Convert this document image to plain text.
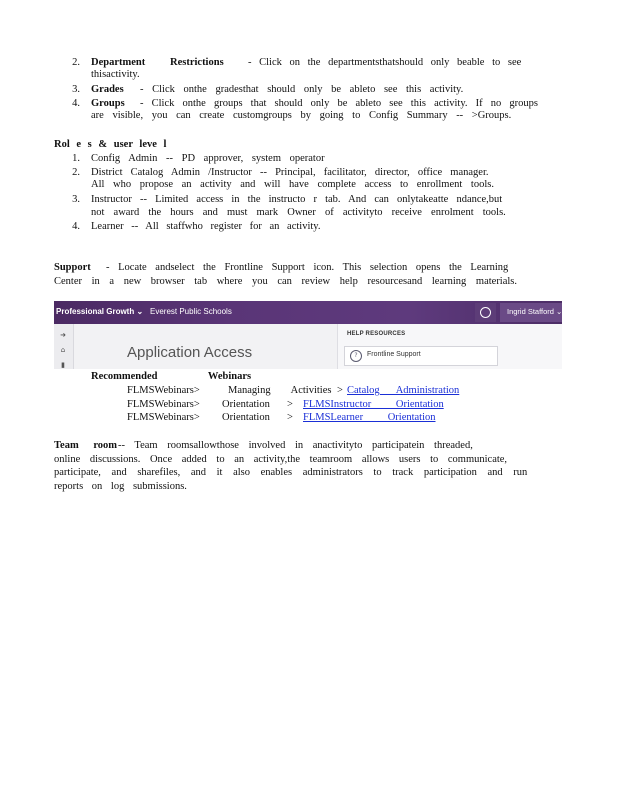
2. Department Restrictions - Click on the departmentsthatshould only beable to see
thisactivity.
3. Grades - Click onthe gradesthat should only be ableto see this activity.
4. Groups - Click onthe groups that should only be ableto see this activity. If no groups
are visible, you can create customgroups by going to Config Summary -- >Groups.
Rol e s & user leve l
1. Config Admin -- PD approver, system operator
2. District Catalog Admin /Instructor -- Principal, facilitator, director, office manager.
All who propose an activity and will have complete access to enrollment tools.
3. Instructor -- Limited access in the instructo r tab. And can onlytakeatte ndance,but
not award the hours and must mark Owner of activityto receive enrolment tools.
4. Learner -- All staffwho register for an activity.
Support - Locate andselect the Frontline Support icon. This selection opens the Learning
Center in a new browser tab where you can review help resourcesand learning materials.
Professional Growth ⌄ Everest Public Schools	Ingrid Stafford ⌄
➜
⌂
▮
Application Access
HELP RESOURCES
?	Frontline Support
Recommended Webinars
FLMSWebinars>	Managing Activities > Catalog Administration
FLMSWebinars> Orientation > FLMSInstructor Orientation
FLMSWebinars> Orientation > FLMSLearner Orientation
Team room -- Team roomsallowthose involved in anactivityto participatein threaded,
online discussions. Once added to an activity,the teamroom allows users to communicate,
participate, and sharefiles, and it also enables administrators to track participation and run
reports on log submissions.
